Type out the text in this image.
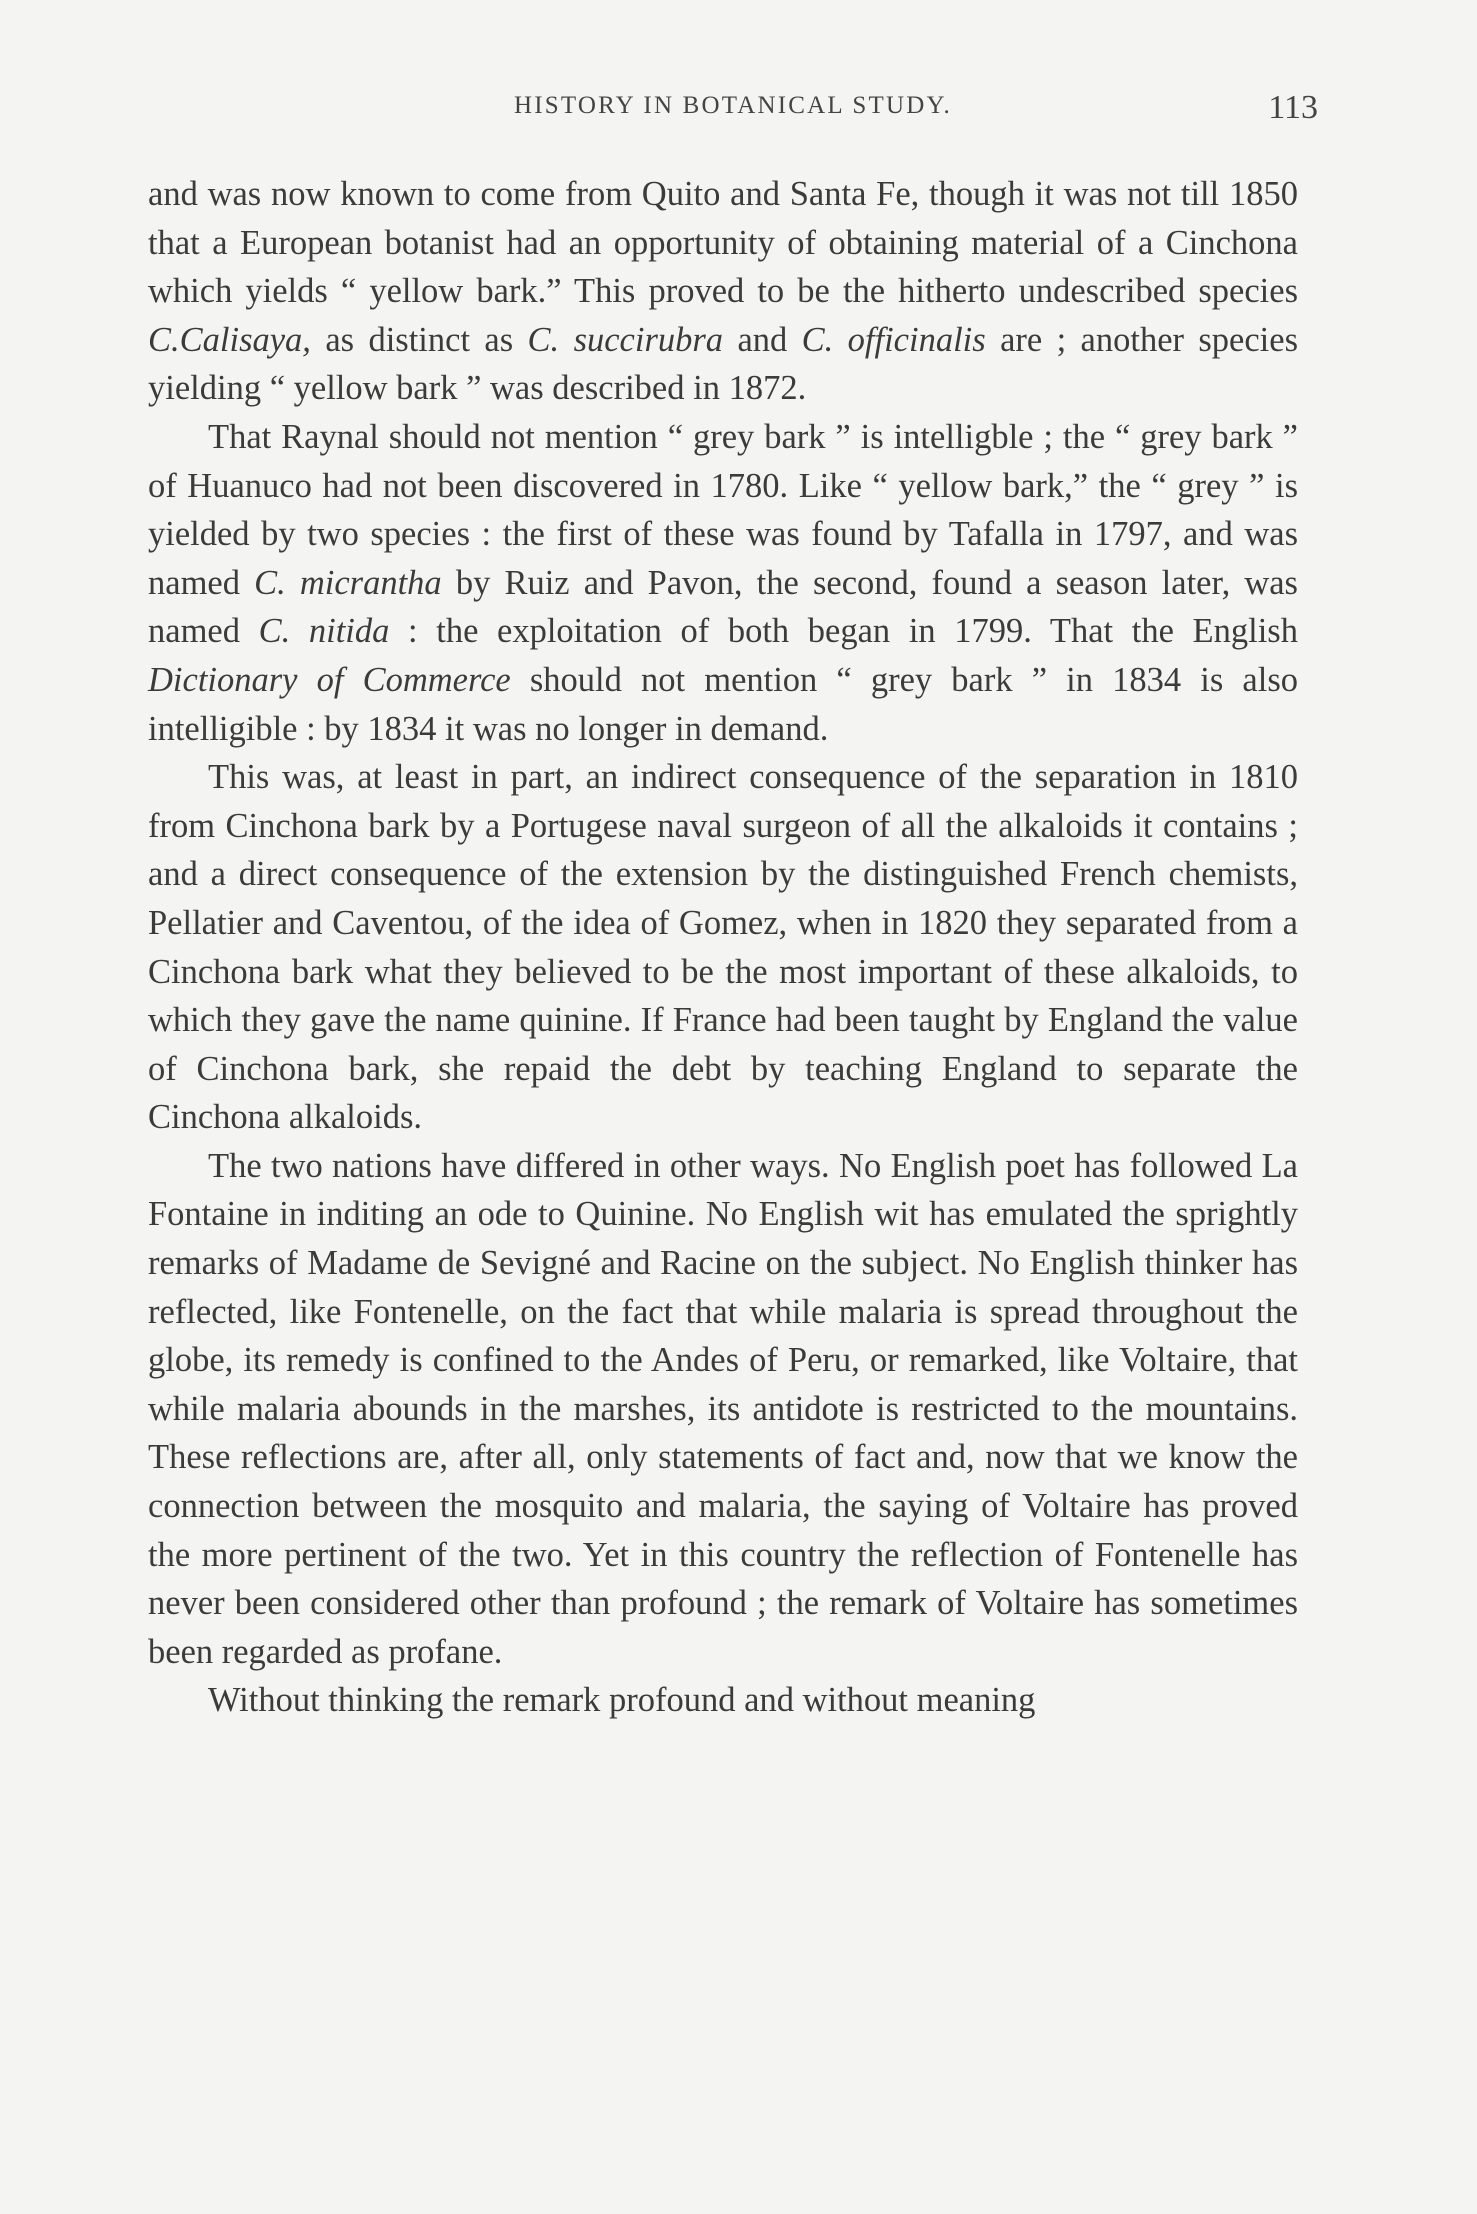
HISTORY IN BOTANICAL STUDY.	113

and was now known to come from Quito and Santa Fe, though it was not till 1850 that a European botanist had an opportunity of obtaining material of a Cinchona which yields “ yellow bark.” This proved to be the hitherto undescribed species C.Calisaya, as distinct as C. succirubra and C. officinalis are ; another species yielding “ yellow bark ” was described in 1872.

That Raynal should not mention “ grey bark ” is intelligble ; the “ grey bark ” of Huanuco had not been discovered in 1780. Like “ yellow bark,” the “ grey ” is yielded by two species : the first of these was found by Tafalla in 1797, and was named C. micrantha by Ruiz and Pavon, the second, found a season later, was named C. nitida : the exploitation of both began in 1799. That the English Dictionary of Commerce should not mention “ grey bark ” in 1834 is also intelligible : by 1834 it was no longer in demand.

This was, at least in part, an indirect consequence of the separation in 1810 from Cinchona bark by a Portugese naval surgeon of all the alkaloids it contains ; and a direct consequence of the extension by the distinguished French chemists, Pellatier and Caventou, of the idea of Gomez, when in 1820 they separated from a Cinchona bark what they believed to be the most important of these alkaloids, to which they gave the name quinine. If France had been taught by England the value of Cinchona bark, she repaid the debt by teaching England to separate the Cinchona alkaloids.

The two nations have differed in other ways. No English poet has followed La Fontaine in inditing an ode to Quinine. No English wit has emulated the sprightly remarks of Madame de Sevigné and Racine on the subject. No English thinker has reflected, like Fontenelle, on the fact that while malaria is spread throughout the globe, its remedy is confined to the Andes of Peru, or remarked, like Voltaire, that while malaria abounds in the marshes, its antidote is restricted to the mountains. These reflections are, after all, only statements of fact and, now that we know the connection between the mosquito and malaria, the saying of Voltaire has proved the more pertinent of the two. Yet in this country the reflection of Fontenelle has never been considered other than profound ; the remark of Voltaire has sometimes been regarded as profane.

Without thinking the remark profound and without meaning
